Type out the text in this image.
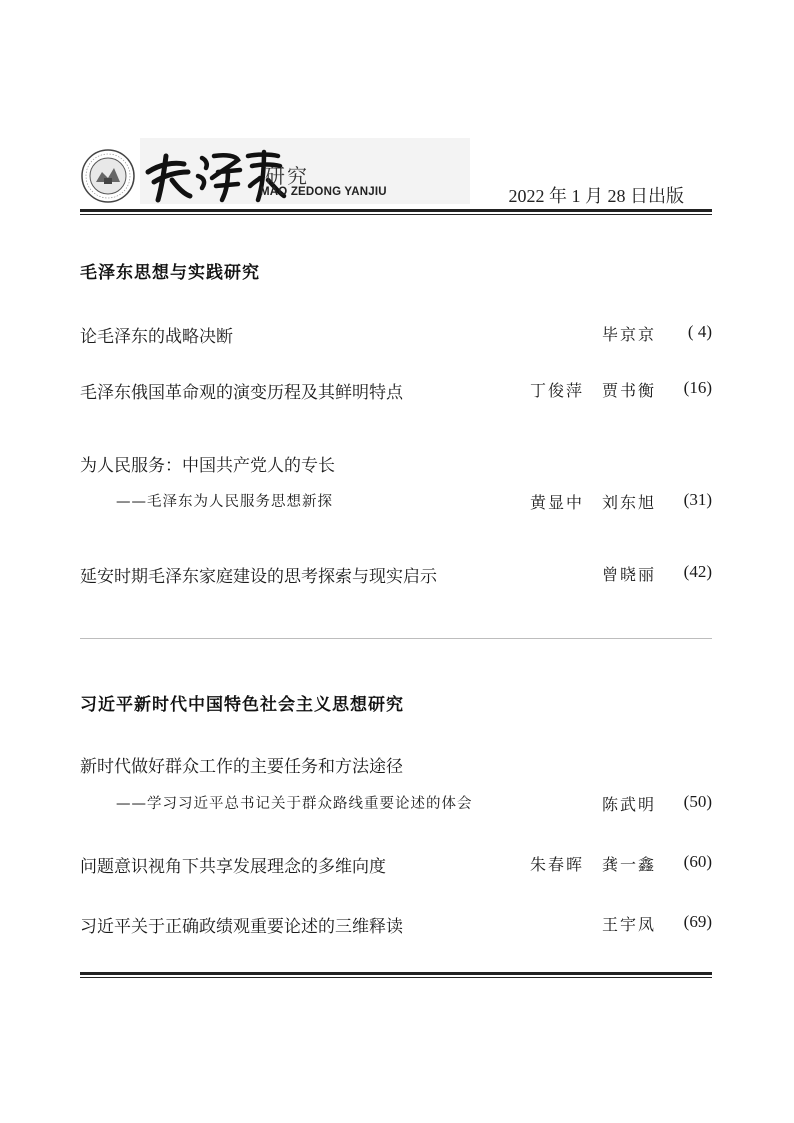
研究
MAO ZEDONG YANJIU	2022 年 1 月 28 日出版
毛泽东思想与实践研究
论毛泽东的战略决断	毕京京	( 4)
毛泽东俄国革命观的演变历程及其鲜明特点	丁俊萍　贾书衡	(16)
为人民服务：中国共产党人的专长
——毛泽东为人民服务思想新探	黄显中　刘东旭	(31)
延安时期毛泽东家庭建设的思考探索与现实启示	曾晓丽	(42)
习近平新时代中国特色社会主义思想研究
新时代做好群众工作的主要任务和方法途径
——学习习近平总书记关于群众路线重要论述的体会	陈武明	(50)
问题意识视角下共享发展理念的多维向度	朱春晖　龚一鑫	(60)
习近平关于正确政绩观重要论述的三维释读	王宇凤	(69)
